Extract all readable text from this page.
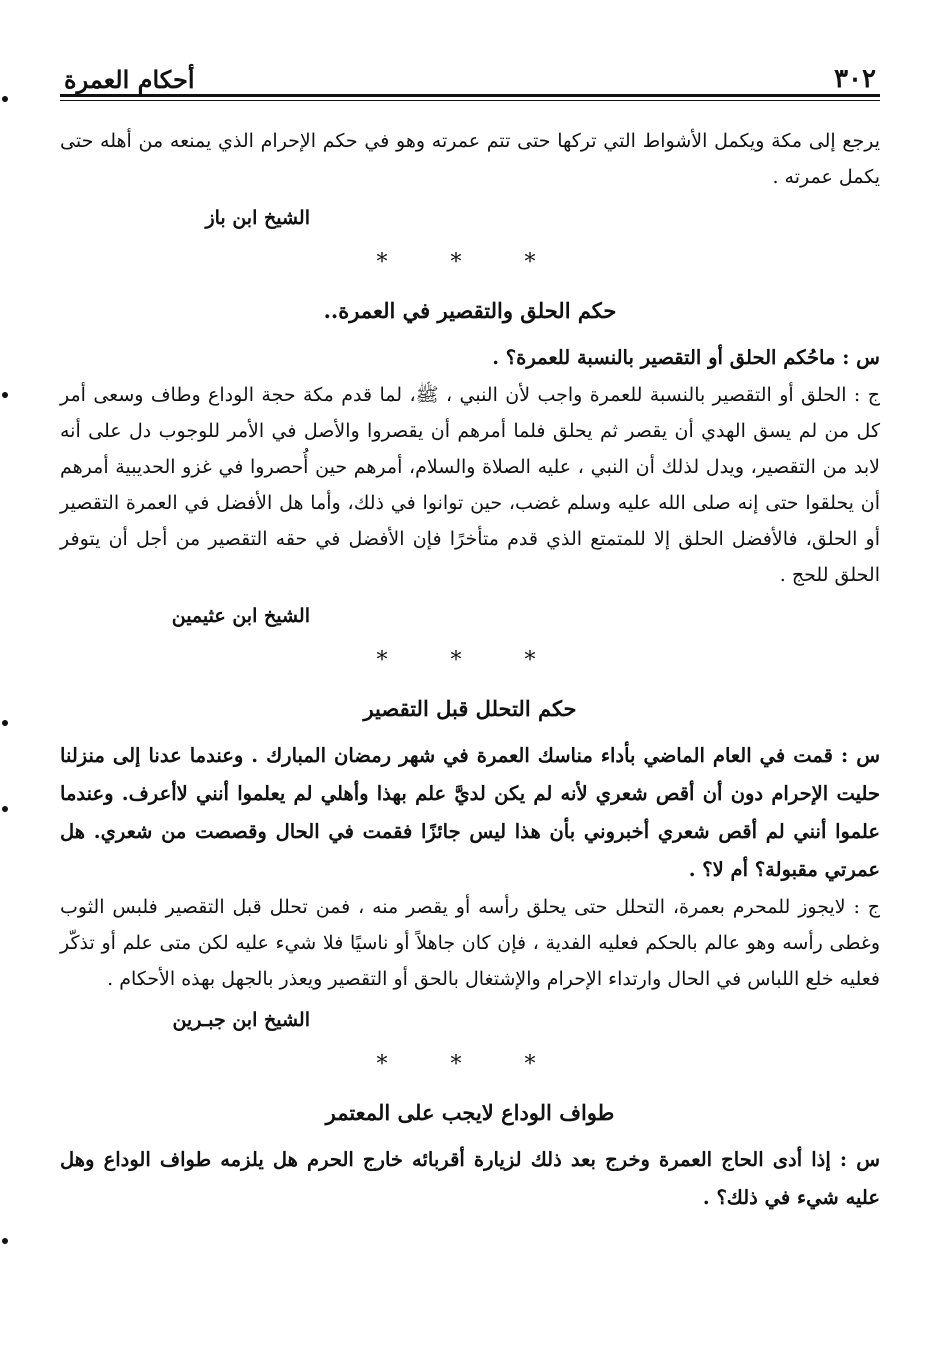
٣٠٢
أحكام العمرة

يرجع إلى مكة ويكمل الأشواط التي تركها حتى تتم عمرته وهو في حكم الإحرام الذي يمنعه من أهله حتى يكمل عمرته .

الشيخ ابن باز
* * *
حكم الحلق والتقصير في العمرة..

س : ماحُكم الحلق أو التقصير بالنسبة للعمرة؟ .

ج : الحلق أو التقصير بالنسبة للعمرة واجب لأن النبي ، ﷺ، لما قدم مكة حجة الوداع وطاف وسعى أمر كل من لم يسق الهدي أن يقصر ثم يحلق فلما أمرهم أن يقصروا والأصل في الأمر للوجوب دل على أنه لابد من التقصير، ويدل لذلك أن النبي ، عليه الصلاة والسلام، أمرهم حين أُحصروا في غزو الحديبية أمرهم أن يحلقوا حتى إنه صلى الله عليه وسلم غضب، حين توانوا في ذلك، وأما هل الأفضل في العمرة التقصير أو الحلق، فالأفضل الحلق إلا للمتمتع الذي قدم متأخرًا فإن الأفضل في حقه التقصير من أجل أن يتوفر الحلق للحج .

الشيخ ابن عثيمين
* * *
حكم التحلل قبل التقصير

س : قمت في العام الماضي بأداء مناسك العمرة في شهر رمضان المبارك . وعندما عدنا إلى منزلنا حليت الإحرام دون أن أقص شعري لأنه لم يكن لديَّ علم بهذا وأهلي لم يعلموا أنني لاأعرف. وعندما علموا أنني لم أقص شعري أخبروني بأن هذا ليس جائزًا فقمت في الحال وقصصت من شعري. هل عمرتي مقبولة؟ أم لا؟ .

ج : لايجوز للمحرم بعمرة، التحلل حتى يحلق رأسه أو يقصر منه ، فمن تحلل قبل التقصير فلبس الثوب وغطى رأسه وهو عالم بالحكم فعليه الفدية ، فإن كان جاهلاً أو ناسيًا فلا شيء عليه لكن متى علم أو تذكّر فعليه خلع اللباس في الحال وارتداء الإحرام والإشتغال بالحق أو التقصير ويعذر بالجهل بهذه الأحكام .

الشيخ ابن جبـرين
* * *
طواف الوداع لايجب على المعتمر

س : إذا أدى الحاج العمرة وخرج بعد ذلك لزيارة أقربائه خارج الحرم هل يلزمه طواف الوداع وهل عليه شيء في ذلك؟ .
